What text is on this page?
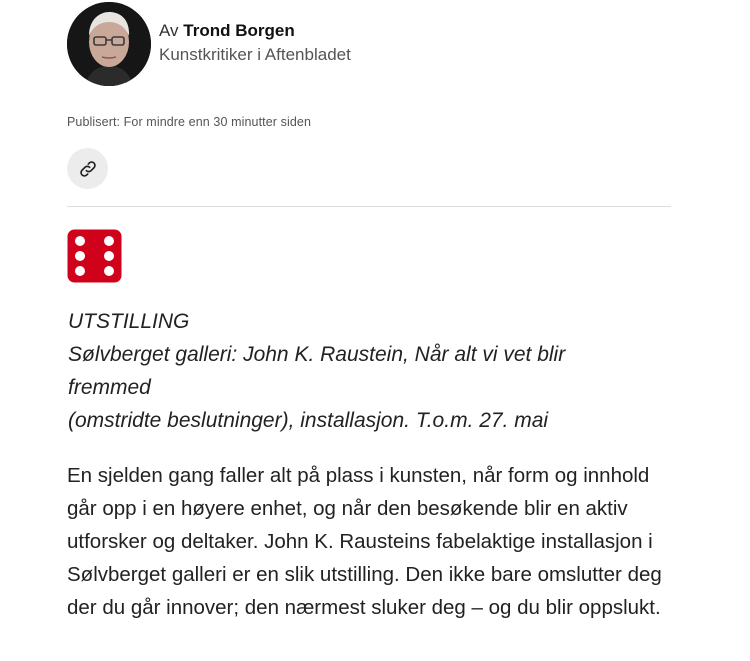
Av Trond Borgen
Kunstkritiker i Aftenbladet
Publisert: For mindre enn 30 minutter siden
UTSTILLING
Sølvberget galleri: John K. Raustein, Når alt vi vet blir
fremmed
(omstridte beslutninger), installasjon. T.o.m. 27. mai

En sjelden gang faller alt på plass i kunsten, når form og innhold går opp i en høyere enhet, og når den besøkende blir en aktiv utforsker og deltaker. John K. Rausteins fabelaktige installasjon i Sølvberget galleri er en slik utstilling. Den ikke bare omslutter deg der du går innover; den nærmest sluker deg – og du blir oppslukt.
